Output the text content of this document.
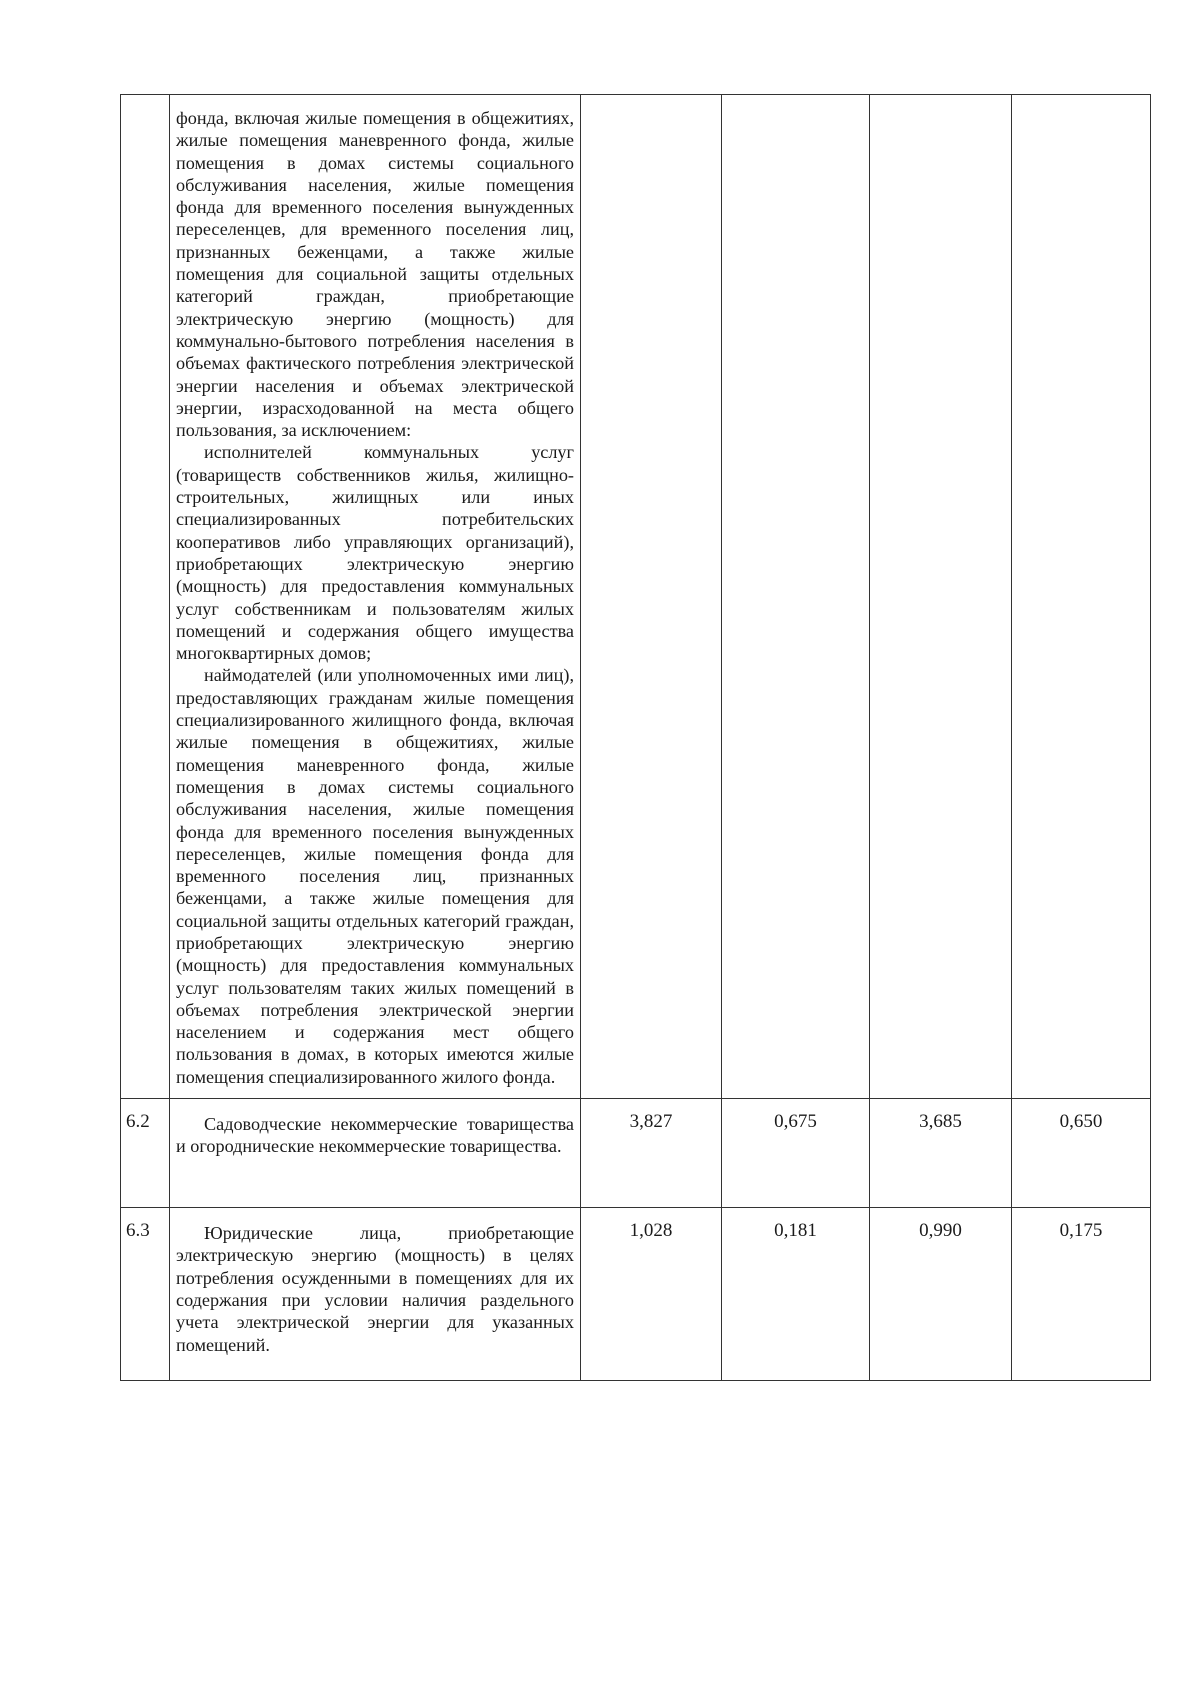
	фонда, включая жилые помещения в общежитиях, жилые помещения маневренного фонда, жилые помещения в домах системы социального обслуживания населения, жилые помещения фонда для временного поселения вынужденных переселенцев, для временного поселения лиц, признанных беженцами, а также жилые помещения для социальной защиты отдельных категорий граждан, приобретающие электрическую энергию (мощность) для коммунально-бытового потребления населения в объемах фактического потребления электрической энергии населения и объемах электрической энергии, израсходованной на места общего пользования, за исключением:

исполнителей коммунальных услуг (товариществ собственников жилья, жилищно-строительных, жилищных или иных специализированных потребительских кооперативов либо управляющих организаций), приобретающих электрическую энергию (мощность) для предоставления коммунальных услуг собственникам и пользователям жилых помещений и содержания общего имущества многоквартирных домов;

наймодателей (или уполномоченных ими лиц), предоставляющих гражданам жилые помещения специализированного жилищного фонда, включая жилые помещения в общежитиях, жилые помещения маневренного фонда, жилые помещения в домах системы социального обслуживания населения, жилые помещения фонда для временного поселения вынужденных переселенцев, жилые помещения фонда для временного поселения лиц, признанных беженцами, а также жилые помещения для социальной защиты отдельных категорий граждан, приобретающих электрическую энергию (мощность) для предоставления коммунальных услуг пользователям таких жилых помещений в объемах потребления электрической энергии населением и содержания мест общего пользования в домах, в которых имеются жилые помещения специализированного жилого фонда.				

6.2	Садоводческие некоммерческие товарищества и огороднические некоммерческие товарищества.	3,827	0,675	3,685	0,650
6.3	Юридические лица, приобретающие электрическую энергию (мощность) в целях потребления осужденными в помещениях для их содержания при условии наличия раздельного учета электрической энергии для указанных помещений.	1,028	0,181	0,990	0,175
